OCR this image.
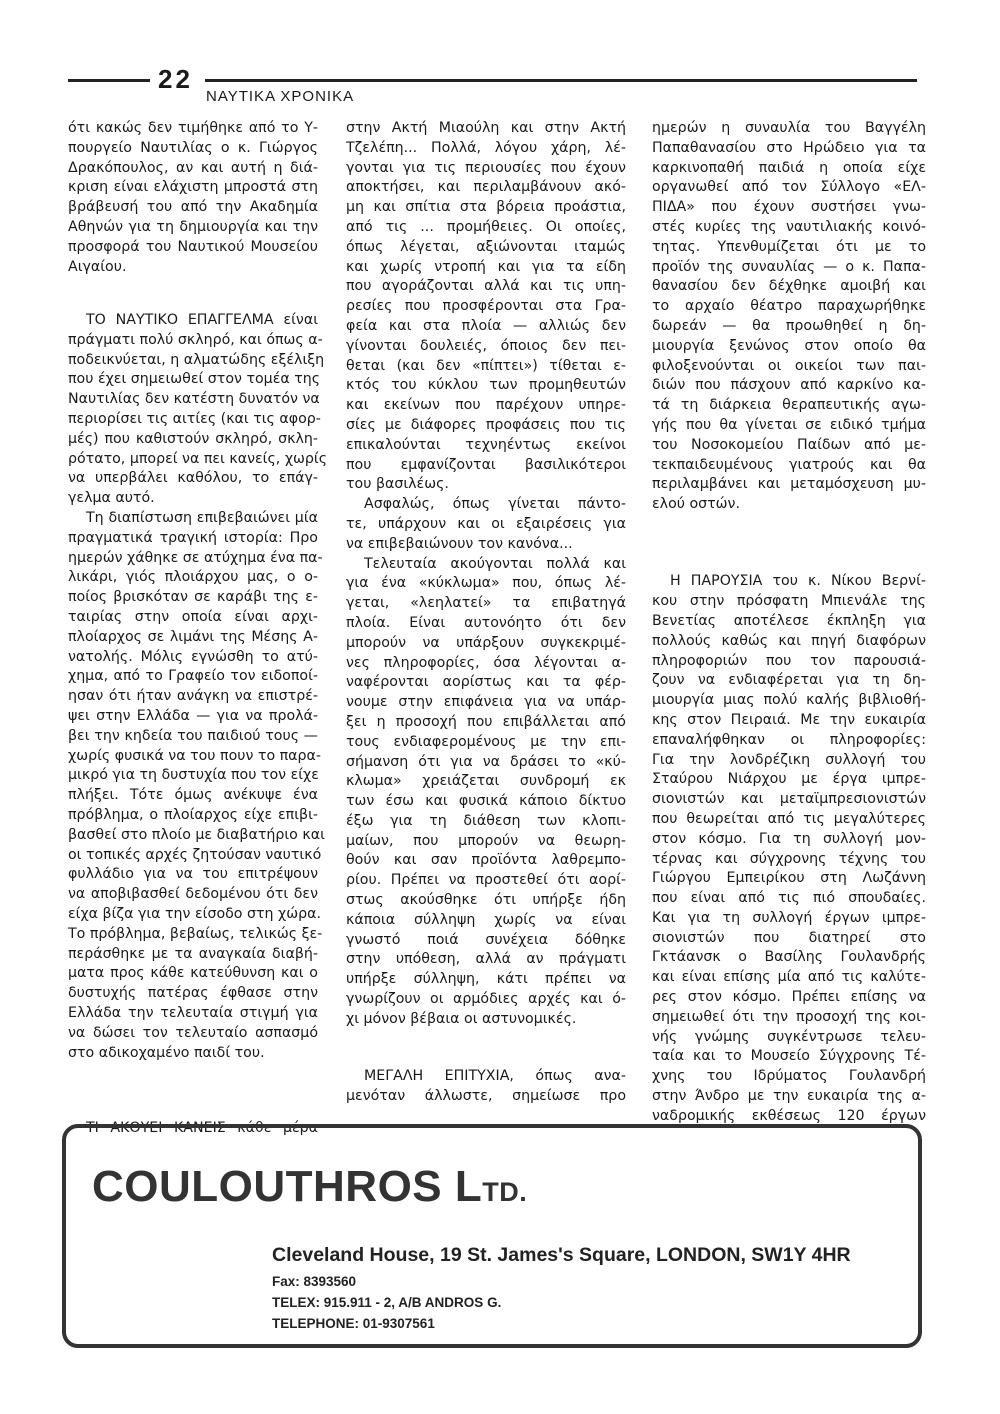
22
ΝΑΥΤΙΚΑ ΧΡΟΝΙΚΑ
ότι κακώς δεν τιμήθηκε από το Υ-
πουργείο Ναυτιλίας ο κ. Γιώργος
Δρακόπουλος, αν και αυτή η διά-
κριση είναι ελάχιστη μπροστά στη
βράβευσή του από την Ακαδημία
Αθηνών για τη δημιουργία και την
προσφορά του Ναυτικού Μουσείου
Αιγαίου.
ΤΟ ΝΑΥΤΙΚΟ ΕΠΑΓΓΕΛΜΑ είναι
πράγματι πολύ σκληρό, και όπως α-
ποδεικνύεται, η αλματώδης εξέλιξη
που έχει σημειωθεί στον τομέα της
Ναυτιλίας δεν κατέστη δυνατόν να
περιορίσει τις αιτίες (και τις αφορ-
μές) που καθιστούν σκληρό, σκλη-
ρότατο, μπορεί να πει κανείς, χωρίς
να υπερβάλει καθόλου, το επάγ-
γελμα αυτό.
Τη διαπίστωση επιβεβαιώνει μία
πραγματικά τραγική ιστορία: Προ
ημερών χάθηκε σε ατύχημα ένα πα-
λικάρι, γιός πλοιάρχου μας, ο ο-
ποίος βρισκόταν σε καράβι της ε-
ταιρίας στην οποία είναι αρχι-
πλοίαρχος σε λιμάνι της Μέσης Α-
νατολής. Μόλις εγνώσθη το ατύ-
χημα, από το Γραφείο τον ειδοποί-
ησαν ότι ήταν ανάγκη να επιστρέ-
ψει στην Ελλάδα — για να προλά-
βει την κηδεία του παιδιού τους —
χωρίς φυσικά να του πουν το παρα-
μικρό για τη δυστυχία που τον είχε
πλήξει. Τότε όμως ανέκυψε ένα
πρόβλημα, ο πλοίαρχος είχε επιβι-
βασθεί στο πλοίο με διαβατήριο και
οι τοπικές αρχές ζητούσαν ναυτικό
φυλλάδιο για να του επιτρέψουν
να αποβιβασθεί δεδομένου ότι δεν
είχα βίζα για την είσοδο στη χώρα.
Το πρόβλημα, βεβαίως, τελικώς ξε-
περάσθηκε με τα αναγκαία διαβή-
ματα προς κάθε κατεύθυνση και ο
δυστυχής πατέρας έφθασε στην
Ελλάδα την τελευταία στιγμή για
να δώσει τον τελευταίο ασπασμό
στο αδικοχαμένο παιδί του.
ΤΙ ΑΚΟΥΕΙ ΚΑΝΕΙΣ κάθε μέρα
στην Ακτή Μιαούλη και στην Ακτή
Τζελέπη... Πολλά, λόγου χάρη, λέ-
γονται για τις περιουσίες που έχουν
αποκτήσει, και περιλαμβάνουν ακό-
μη και σπίτια στα βόρεια προάστια,
από τις ... προμήθειες. Οι οποίες,
όπως λέγεται, αξιώνονται ιταμώς
και χωρίς ντροπή και για τα είδη
που αγοράζονται αλλά και τις υπη-
ρεσίες που προσφέρονται στα Γρα-
φεία και στα πλοία — αλλιώς δεν
γίνονται δουλειές, όποιος δεν πει-
θεται (και δεν «πίπτει») τίθεται ε-
κτός του κύκλου των προμηθευτών
και εκείνων που παρέχουν υπηρε-
σίες με διάφορες προφάσεις που τις
επικαλούνται τεχνηέντως εκείνοι
που εμφανίζονται βασιλικότεροι
του βασιλέως.
Ασφαλώς, όπως γίνεται πάντο-
τε, υπάρχουν και οι εξαιρέσεις για
να επιβεβαιώνουν τον κανόνα...
Τελευταία ακούγονται πολλά και
για ένα «κύκλωμα» που, όπως λέ-
γεται, «λεηλατεί» τα επιβατηγά
πλοία. Είναι αυτονόητο ότι δεν
μπορούν να υπάρξουν συγκεκριμέ-
νες πληροφορίες, όσα λέγονται α-
ναφέρονται αορίστως και τα φέρ-
νουμε στην επιφάνεια για να υπάρ-
ξει η προσοχή που επιβάλλεται από
τους ενδιαφερομένους με την επι-
σήμανση ότι για να δράσει το «κύ-
κλωμα» χρειάζεται συνδρομή εκ
των έσω και φυσικά κάποιο δίκτυο
έξω για τη διάθεση των κλοπι-
μαίων, που μπορούν να θεωρη-
θούν και σαν προϊόντα λαθρεμπο-
ρίου. Πρέπει να προστεθεί ότι αορί-
στως ακούσθηκε ότι υπήρξε ήδη
κάποια σύλληψη χωρίς να είναι
γνωστό ποιά συνέχεια δόθηκε
στην υπόθεση, αλλά αν πράγματι
υπήρξε σύλληψη, κάτι πρέπει να
γνωρίζουν οι αρμόδιες αρχές και ό-
χι μόνον βέβαια οι αστυνομικές.
ΜΕΓΑΛΗ ΕΠΙΤΥΧΙΑ, όπως ανα-
μενόταν άλλωστε, σημείωσε προ
ημερών η συναυλία του Βαγγέλη
Παπαθανασίου στο Ηρώδειο για τα
καρκινοπαθή παιδιά η οποία είχε
οργανωθεί από τον Σύλλογο «ΕΛ-
ΠΙΔΑ» που έχουν συστήσει γνω-
στές κυρίες της ναυτιλιακής κοινό-
τητας. Υπενθυμίζεται ότι με το
προϊόν της συναυλίας — ο κ. Παπα-
θανασίου δεν δέχθηκε αμοιβή και
το αρχαίο θέατρο παραχωρήθηκε
δωρεάν — θα προωθηθεί η δη-
μιουργία ξενώνος στον οποίο θα
φιλοξενούνται οι οικείοι των παι-
διών που πάσχουν από καρκίνο κα-
τά τη διάρκεια θεραπευτικής αγω-
γής που θα γίνεται σε ειδικό τμήμα
του Νοσοκομείου Παίδων από με-
τεκπαιδευμένους γιατρούς και θα
περιλαμβάνει και μεταμόσχευση μυ-
ελού οστών.
Η ΠΑΡΟΥΣΙΑ του κ. Νίκου Βερνί-
κου στην πρόσφατη Μπιενάλε της
Βενετίας αποτέλεσε έκπληξη για
πολλούς καθώς και πηγή διαφόρων
πληροφοριών που τον παρουσιά-
ζουν να ενδιαφέρεται για τη δη-
μιουργία μιας πολύ καλής βιβλιοθή-
κης στον Πειραιά. Με την ευκαιρία
επαναλήφθηκαν οι πληροφορίες:
Για την λονδρέζικη συλλογή του
Σταύρου Νιάρχου με έργα ιμπρε-
σιονιστών και μεταϊμπρεσιονιστών
που θεωρείται από τις μεγαλύτερες
στον κόσμο. Για τη συλλογή μον-
τέρνας και σύγχρονης τέχνης του
Γιώργου Εμπειρίκου στη Λωζάννη
που είναι από τις πιό σπουδαίες.
Και για τη συλλογή έργων ιμπρε-
σιονιστών που διατηρεί στο
Γκτάανσκ ο Βασίλης Γουλανδρής
και είναι επίσης μία από τις καλύτε-
ρες στον κόσμο. Πρέπει επίσης να
σημειωθεί ότι την προσοχή της κοι-
νής γνώμης συγκέντρωσε τελευ-
ταία και το Μουσείο Σύγχρονης Τέ-
χνης του Ιδρύματος Γουλανδρή
στην Άνδρο με την ευκαιρία της α-
ναδρομικής εκθέσεως 120 έργων
COULOUTHROS LTD.
Cleveland House, 19 St. James's Square, LONDON, SW1Y 4HR
Fax: 8393560
TELEX: 915.911 - 2, A/B ANDROS G.
TELEPHONE: 01-9307561
